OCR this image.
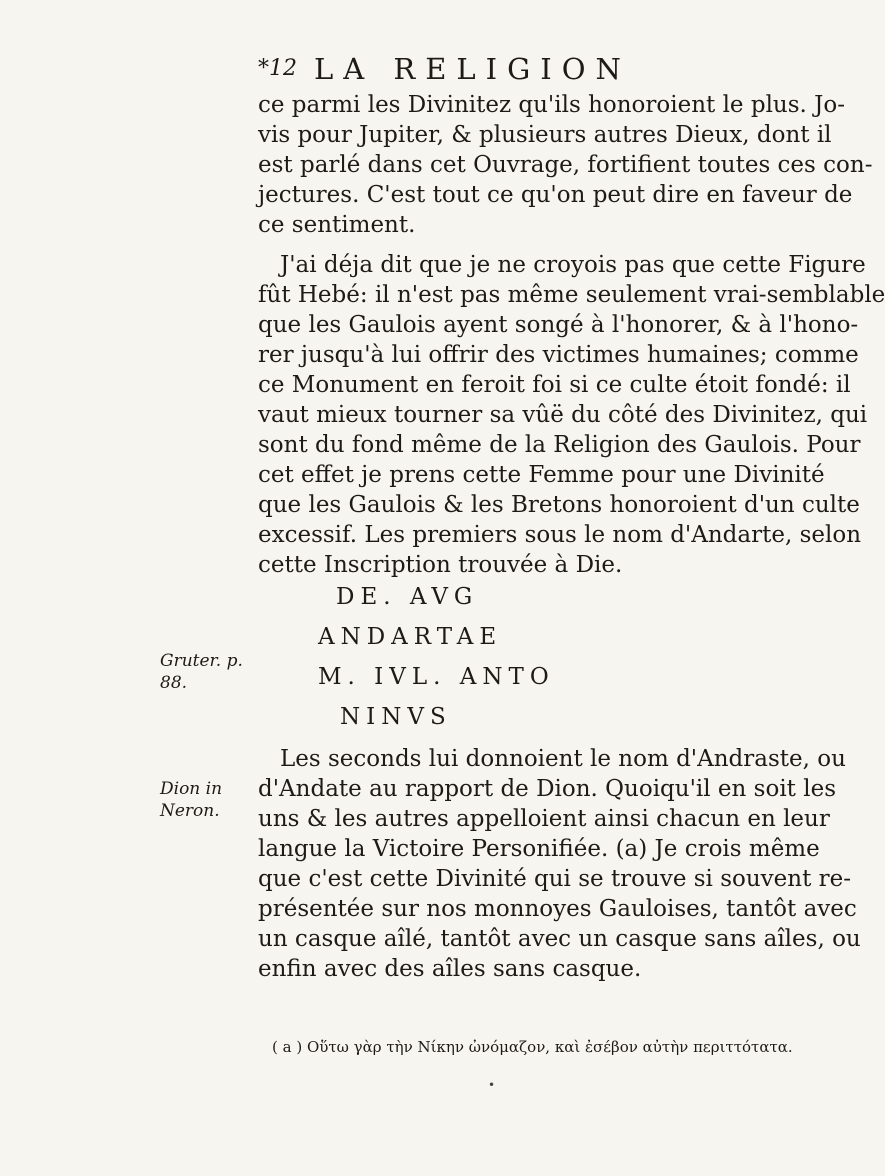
*12 LA RELIGION
ce parmi les Divinitez qu'ils honoroient le plus. Jo-
vis pour Jupiter, & plusieurs autres Dieux, dont il
est parlé dans cet Ouvrage, fortifient toutes ces con-
jectures. C'est tout ce qu'on peut dire en faveur de
ce sentiment.
J'ai déja dit que je ne croyois pas que cette Figure
fût Hebé: il n'est pas même seulement vrai-semblable
que les Gaulois ayent songé à l'honorer, & à l'hono-
rer jusqu'à lui offrir des victimes humaines; comme
ce Monument en feroit foi si ce culte étoit fondé: il
vaut mieux tourner sa vûë du côté des Divinitez, qui
sont du fond même de la Religion des Gaulois. Pour
cet effet je prens cette Femme pour une Divinité
que les Gaulois & les Bretons honoroient d'un culte
excessif. Les premiers sous le nom d'Andarte, selon
cette Inscription trouvée à Die.
DE. AVG
ANDARTAE
M. IVL. ANTO
NINVS
Les seconds lui donnoient le nom d'Andraste, ou
d'Andate au rapport de Dion. Quoiqu'il en soit les
uns & les autres appelloient ainsi chacun en leur
langue la Victoire Personifiée. (a) Je crois même
que c'est cette Divinité qui se trouve si souvent re-
présentée sur nos monnoyes Gauloises, tantôt avec
un casque aîlé, tantôt avec un casque sans aîles, ou
enfin avec des aîles sans casque.
Gruter. p.
88.
Dion in
Neron.
( a ) Οὕτω γὰρ τὴν Νίκην ὠνόμαζον, καὶ ἐσέβον αὐτὴν περιττότατα.
•
